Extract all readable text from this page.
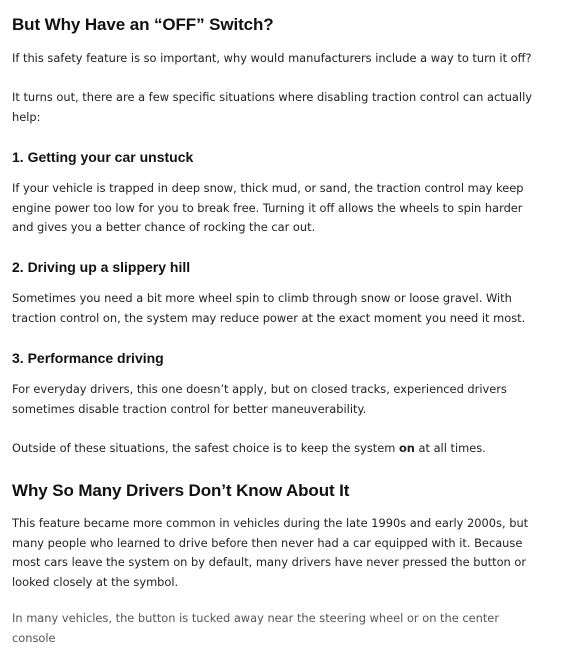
But Why Have an “OFF” Switch?

If this safety feature is so important, why would manufacturers include a way to turn it off?

It turns out, there are a few specific situations where disabling traction control can actually
help:

1. Getting your car unstuck

If your vehicle is trapped in deep snow, thick mud, or sand, the traction control may keep
engine power too low for you to break free. Turning it off allows the wheels to spin harder
and gives you a better chance of rocking the car out.

2. Driving up a slippery hill

Sometimes you need a bit more wheel spin to climb through snow or loose gravel. With
traction control on, the system may reduce power at the exact moment you need it most.

3. Performance driving

For everyday drivers, this one doesn’t apply, but on closed tracks, experienced drivers
sometimes disable traction control for better maneuverability.

Outside of these situations, the safest choice is to keep the system on at all times.

Why So Many Drivers Don’t Know About It

This feature became more common in vehicles during the late 1990s and early 2000s, but
many people who learned to drive before then never had a car equipped with it. Because
most cars leave the system on by default, many drivers have never pressed the button or
looked closely at the symbol.

In many vehicles, the button is tucked away near the steering wheel or on the center console
